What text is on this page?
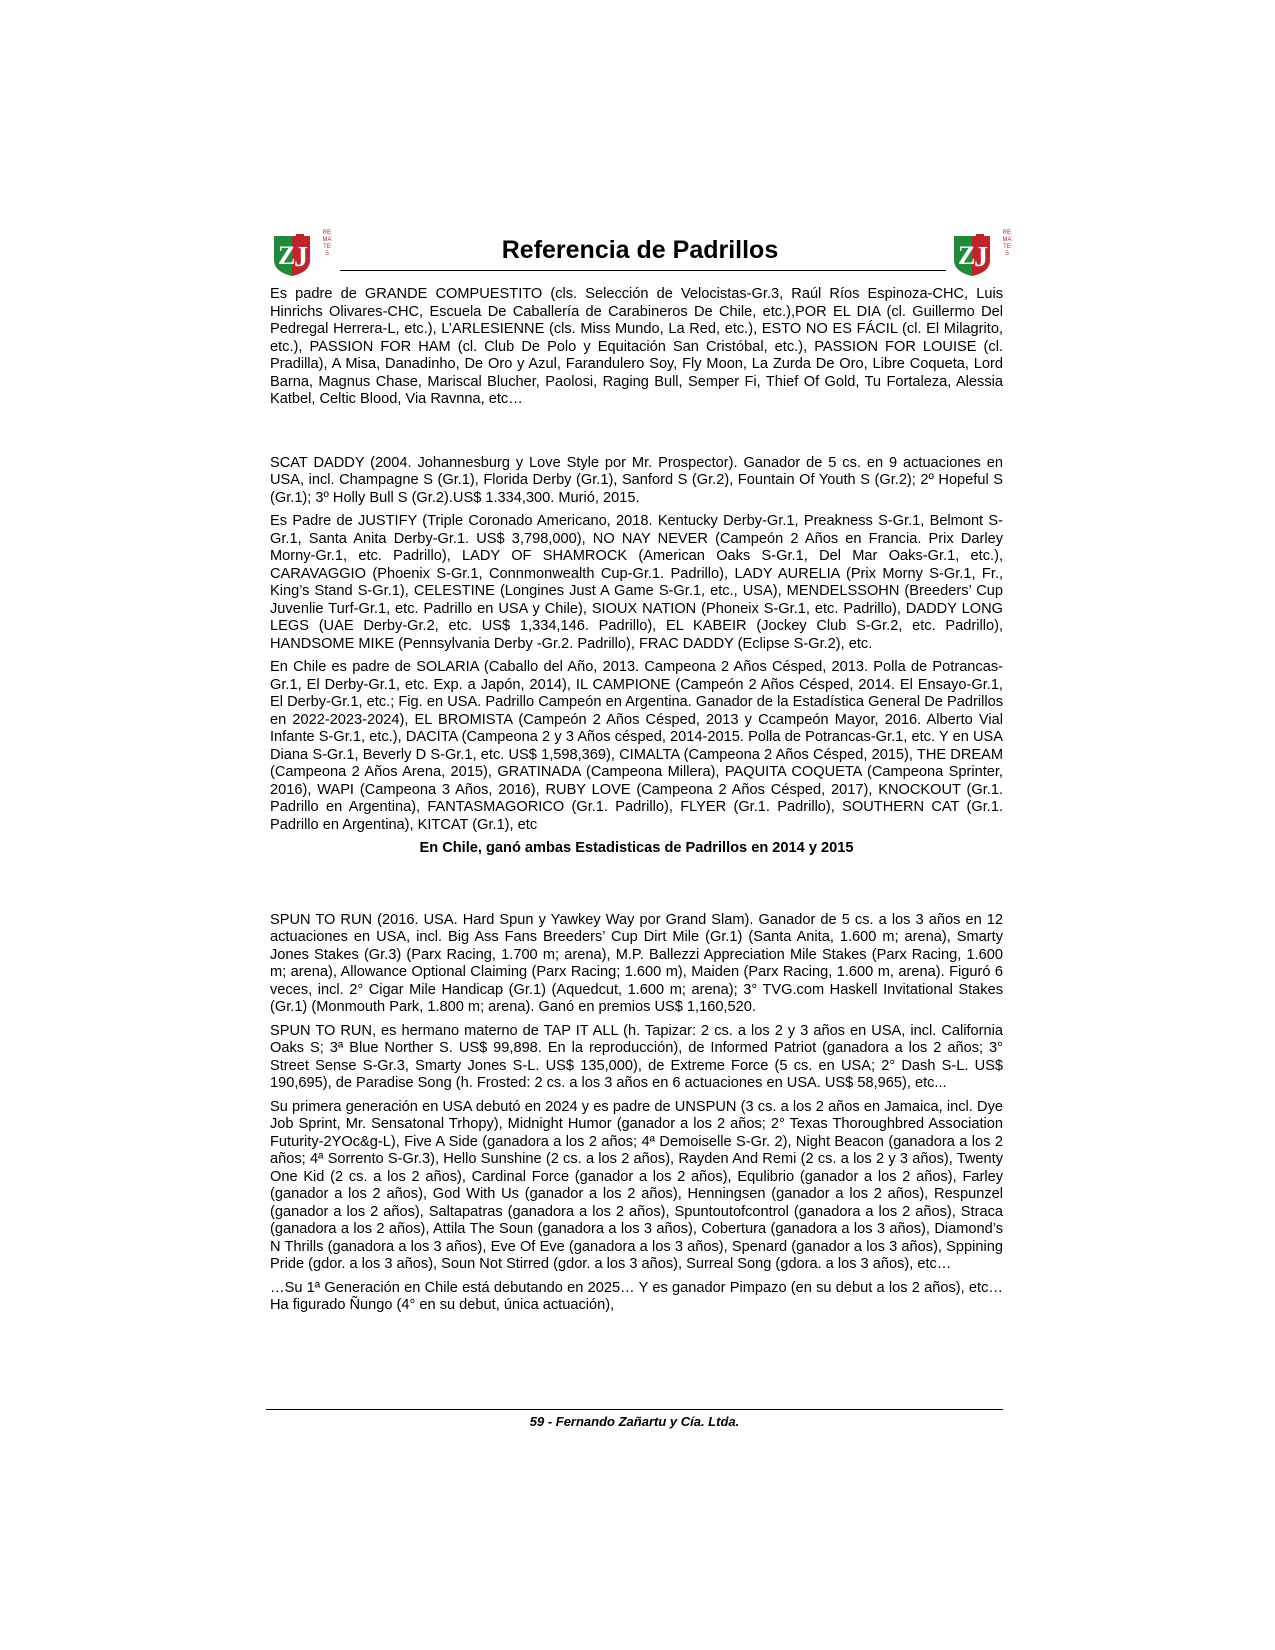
Z
J
REMATES	Referencia de Padrillos	Z
J
REMATES

Es padre de GRANDE COMPUESTITO (cls. Selección de Velocistas-Gr.3, Raúl Ríos Espinoza-CHC, Luis Hinrichs Olivares-CHC, Escuela De Caballería de Carabineros De Chile, etc.),POR EL DIA (cl. Guillermo Del Pedregal Herrera-L, etc.), L’ARLESIENNE (cls. Miss Mundo, La Red, etc.), ESTO NO ES FÁCIL (cl. El Milagrito, etc.), PASSION FOR HAM (cl. Club De Polo y Equitación San Cristóbal, etc.), PASSION FOR LOUISE (cl. Pradilla), A Misa, Danadinho, De Oro y Azul, Farandulero Soy, Fly Moon, La Zurda De Oro, Libre Coqueta, Lord Barna, Magnus Chase, Mariscal Blucher, Paolosi, Raging Bull, Semper Fi, Thief Of Gold, Tu Fortaleza, Alessia Katbel, Celtic Blood, Via Ravnna, etc…

SCAT DADDY (2004. Johannesburg y Love Style por Mr. Prospector). Ganador de 5 cs. en 9 actuaciones en USA, incl. Champagne S (Gr.1), Florida Derby (Gr.1), Sanford S (Gr.2), Fountain Of Youth S (Gr.2); 2º Hopeful S (Gr.1); 3º Holly Bull S (Gr.2).US$ 1.334,300. Murió, 2015.

Es Padre de JUSTIFY (Triple Coronado Americano, 2018. Kentucky Derby-Gr.1, Preakness S-Gr.1, Belmont S-Gr.1, Santa Anita Derby-Gr.1. US$ 3,798,000), NO NAY NEVER (Campeón 2 Años en Francia. Prix Darley Morny-Gr.1, etc. Padrillo), LADY OF SHAMROCK (American Oaks S-Gr.1, Del Mar Oaks-Gr.1, etc.), CARAVAGGIO (Phoenix S-Gr.1, Connmonwealth Cup-Gr.1. Padrillo), LADY AURELIA (Prix Morny S-Gr.1, Fr., King’s Stand S-Gr.1), CELESTINE (Longines Just A Game S-Gr.1, etc., USA), MENDELSSOHN (Breeders’ Cup Juvenlie Turf-Gr.1, etc. Padrillo en USA y Chile), SIOUX NATION (Phoneix S-Gr.1, etc. Padrillo), DADDY LONG LEGS (UAE Derby-Gr.2, etc. US$ 1,334,146. Padrillo), EL KABEIR (Jockey Club S-Gr.2, etc. Padrillo), HANDSOME MIKE (Pennsylvania Derby -Gr.2. Padrillo), FRAC DADDY (Eclipse S-Gr.2), etc.

En Chile es padre de SOLARIA (Caballo del Año, 2013. Campeona 2 Años Césped, 2013. Polla de Potrancas-Gr.1, El Derby-Gr.1, etc. Exp. a Japón, 2014), IL CAMPIONE (Campeón 2 Años Césped, 2014. El Ensayo-Gr.1, El Derby-Gr.1, etc.; Fig. en USA. Padrillo Campeón en Argentina. Ganador de la Estadística General De Padrillos en 2022-2023-2024), EL BROMISTA (Campeón 2 Años Césped, 2013 y Ccampeón Mayor, 2016. Alberto Vial Infante S-Gr.1, etc.), DACITA (Campeona 2 y 3 Años césped, 2014-2015. Polla de Potrancas-Gr.1, etc. Y en USA Diana S-Gr.1, Beverly D S-Gr.1, etc. US$ 1,598,369), CIMALTA (Campeona 2 Años Césped, 2015), THE DREAM (Campeona 2 Años Arena, 2015), GRATINADA (Campeona Millera), PAQUITA COQUETA (Campeona Sprinter, 2016), WAPI (Campeona 3 Años, 2016), RUBY LOVE (Campeona 2 Años Césped, 2017), KNOCKOUT (Gr.1. Padrillo en Argentina), FANTASMAGORICO (Gr.1. Padrillo), FLYER (Gr.1. Padrillo), SOUTHERN CAT (Gr.1. Padrillo en Argentina), KITCAT (Gr.1), etc

En Chile, ganó ambas Estadisticas de Padrillos en 2014 y 2015

SPUN TO RUN (2016. USA. Hard Spun y Yawkey Way por Grand Slam). Ganador de 5 cs. a los 3 años en 12 actuaciones en USA, incl. Big Ass Fans Breeders’ Cup Dirt Mile (Gr.1) (Santa Anita, 1.600 m; arena), Smarty Jones Stakes (Gr.3) (Parx Racing, 1.700 m; arena), M.P. Ballezzi Appreciation Mile Stakes (Parx Racing, 1.600 m; arena), Allowance Optional Claiming (Parx Racing; 1.600 m), Maiden (Parx Racing, 1.600 m, arena). Figuró 6 veces, incl. 2° Cigar Mile Handicap (Gr.1) (Aquedcut, 1.600 m; arena); 3° TVG.com Haskell Invitational Stakes (Gr.1) (Monmouth Park, 1.800 m; arena). Ganó en premios US$ 1,160,520.

SPUN TO RUN, es hermano materno de TAP IT ALL (h. Tapizar: 2 cs. a los 2 y 3 años en USA, incl. California Oaks S; 3ª Blue Norther S. US$ 99,898. En la reproducción), de Informed Patriot (ganadora a los 2 años; 3° Street Sense S-Gr.3, Smarty Jones S-L. US$ 135,000), de Extreme Force (5 cs. en USA; 2° Dash S-L. US$ 190,695), de Paradise Song (h. Frosted: 2 cs. a los 3 años en 6 actuaciones en USA. US$ 58,965), etc...

Su primera generación en USA debutó en 2024 y es padre de UNSPUN (3 cs. a los 2 años en Jamaica, incl. Dye Job Sprint, Mr. Sensatonal Trhopy), Midnight Humor (ganador a los 2 años; 2° Texas Thoroughbred Association Futurity-2YOc&g-L), Five A Side (ganadora a los 2 años; 4ª Demoiselle S-Gr. 2), Night Beacon (ganadora a los 2 años; 4ª Sorrento S-Gr.3), Hello Sunshine (2 cs. a los 2 años), Rayden And Remi (2 cs. a los 2 y 3 años), Twenty One Kid (2 cs. a los 2 años), Cardinal Force (ganador a los 2 años), Equlibrio (ganador a los 2 años), Farley (ganador a los 2 años), God With Us (ganador a los 2 años), Henningsen (ganador a los 2 años), Respunzel (ganador a los 2 años), Saltapatras (ganadora a los 2 años), Spuntoutofcontrol (ganadora a los 2 años), Straca (ganadora a los 2 años), Attila The Soun (ganadora a los 3 años), Cobertura (ganadora a los 3 años), Diamond’s N Thrills (ganadora a los 3 años), Eve Of Eve (ganadora a los 3 años), Spenard (ganador a los 3 años), Sppining Pride (gdor. a los 3 años), Soun Not Stirred (gdor. a los 3 años), Surreal Song (gdora. a los 3 años), etc…

…Su 1ª Generación en Chile está debutando en 2025… Y es ganador Pimpazo (en su debut a los 2 años), etc… Ha figurado Ñungo (4° en su debut, única actuación),

59 - Fernando Zañartu y Cía. Ltda.
